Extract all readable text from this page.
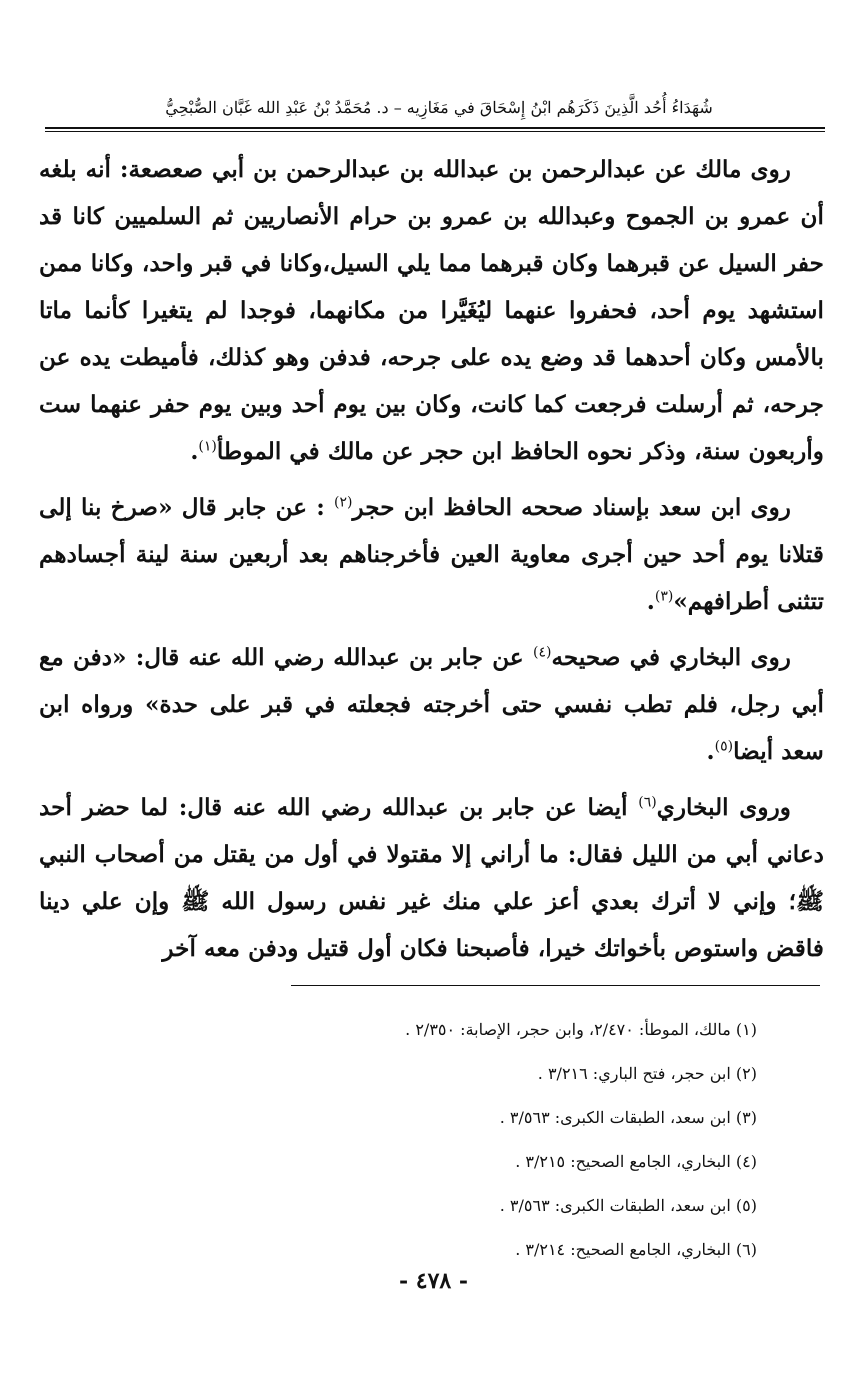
شُهَدَاءُ أُحُد الَّذِينَ ذَكَرَهُم ابْنُ إِسْحَاقَ في مَغَازِيه – د. مُحَمَّدُ بْنُ عَبْدِ الله غَبَّان الصُّبْحِيُّ

روى مالك عن عبدالرحمن بن عبدالله بن عبدالرحمن بن أبي صعصعة: أنه بلغه أن عمرو بن الجموح وعبدالله بن عمرو بن حرام الأنصاريين ثم السلميين كانا قد حفر السيل عن قبرهما وكان قبرهما مما يلي السيل،وكانا في قبر واحد، وكانا ممن استشهد يوم أحد، فحفروا عنهما ليُغَيَّرا من مكانهما، فوجدا لم يتغيرا كأنما ماتا بالأمس وكان أحدهما قد وضع يده على جرحه، فدفن وهو كذلك، فأميطت يده عن جرحه، ثم أرسلت فرجعت كما كانت، وكان بين يوم أحد وبين يوم حفر عنهما ست وأربعون سنة، وذكر نحوه الحافظ ابن حجر عن مالك في الموطأ$^{(١)}$.

روى ابن سعد بإسناد صححه الحافظ ابن حجر$^{(٢)}$ : عن جابر قال «صرخ بنا إلى قتلانا يوم أحد حين أجرى معاوية العين فأخرجناهم بعد أربعين سنة لينة أجسادهم تتثنى أطرافهم»$^{(٣)}$.

روى البخاري في صحيحه$^{(٤)}$ عن جابر بن عبدالله رضي الله عنه قال: «دفن مع أبي رجل، فلم تطب نفسي حتى أخرجته فجعلته في قبر على حدة» ورواه ابن سعد أيضا$^{(٥)}$.

وروى البخاري$^{(٦)}$ أيضا عن جابر بن عبدالله رضي الله عنه قال: لما حضر أحد دعاني أبي من الليل فقال: ما أراني إلا مقتولا في أول من يقتل من أصحاب النبي ﷺ؛ وإني لا أترك بعدي أعز علي منك غير نفس رسول الله ﷺ وإن علي دينا فاقض واستوص بأخواتك خيرا، فأصبحنا فكان أول قتيل ودفن معه آخر

(١) مالك، الموطأ: ٢/٤٧٠، وابن حجر، الإصابة: ٢/٣٥٠ .
(٢) ابن حجر، فتح الباري: ٣/٢١٦ .
(٣) ابن سعد، الطبقات الكبرى: ٣/٥٦٣ .
(٤) البخاري، الجامع الصحيح: ٣/٢١٥ .
(٥) ابن سعد، الطبقات الكبرى: ٣/٥٦٣ .
(٦) البخاري، الجامع الصحيح: ٣/٢١٤ .
- ٤٧٨ -
